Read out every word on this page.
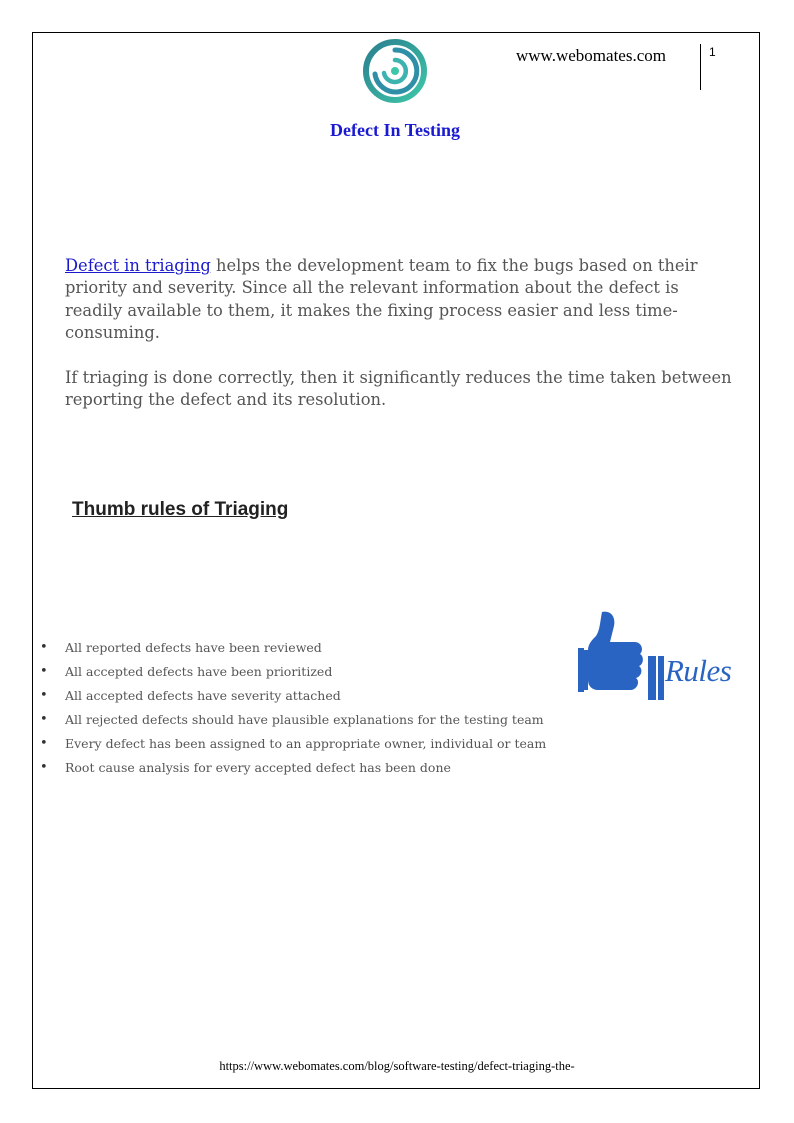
www.webomates.com	1
Defect In Testing

Defect in triaging helps the development team to fix the bugs based on their priority and severity. Since all the relevant information about the defect is readily available to them, it makes the fixing process easier and less time-consuming.

If triaging is done correctly, then it significantly reduces the time taken between reporting the defect and its resolution.

Thumb rules of Triaging
• All reported defects have been reviewed
• All accepted defects have been prioritized
• All accepted defects have severity attached
• All rejected defects should have plausible explanations for the testing team
• Every defect has been assigned to an appropriate owner, individual or team
• Root cause analysis for every accepted defect has been done
Rules
https://www.webomates.com/blog/software-testing/defect-triaging-the-
